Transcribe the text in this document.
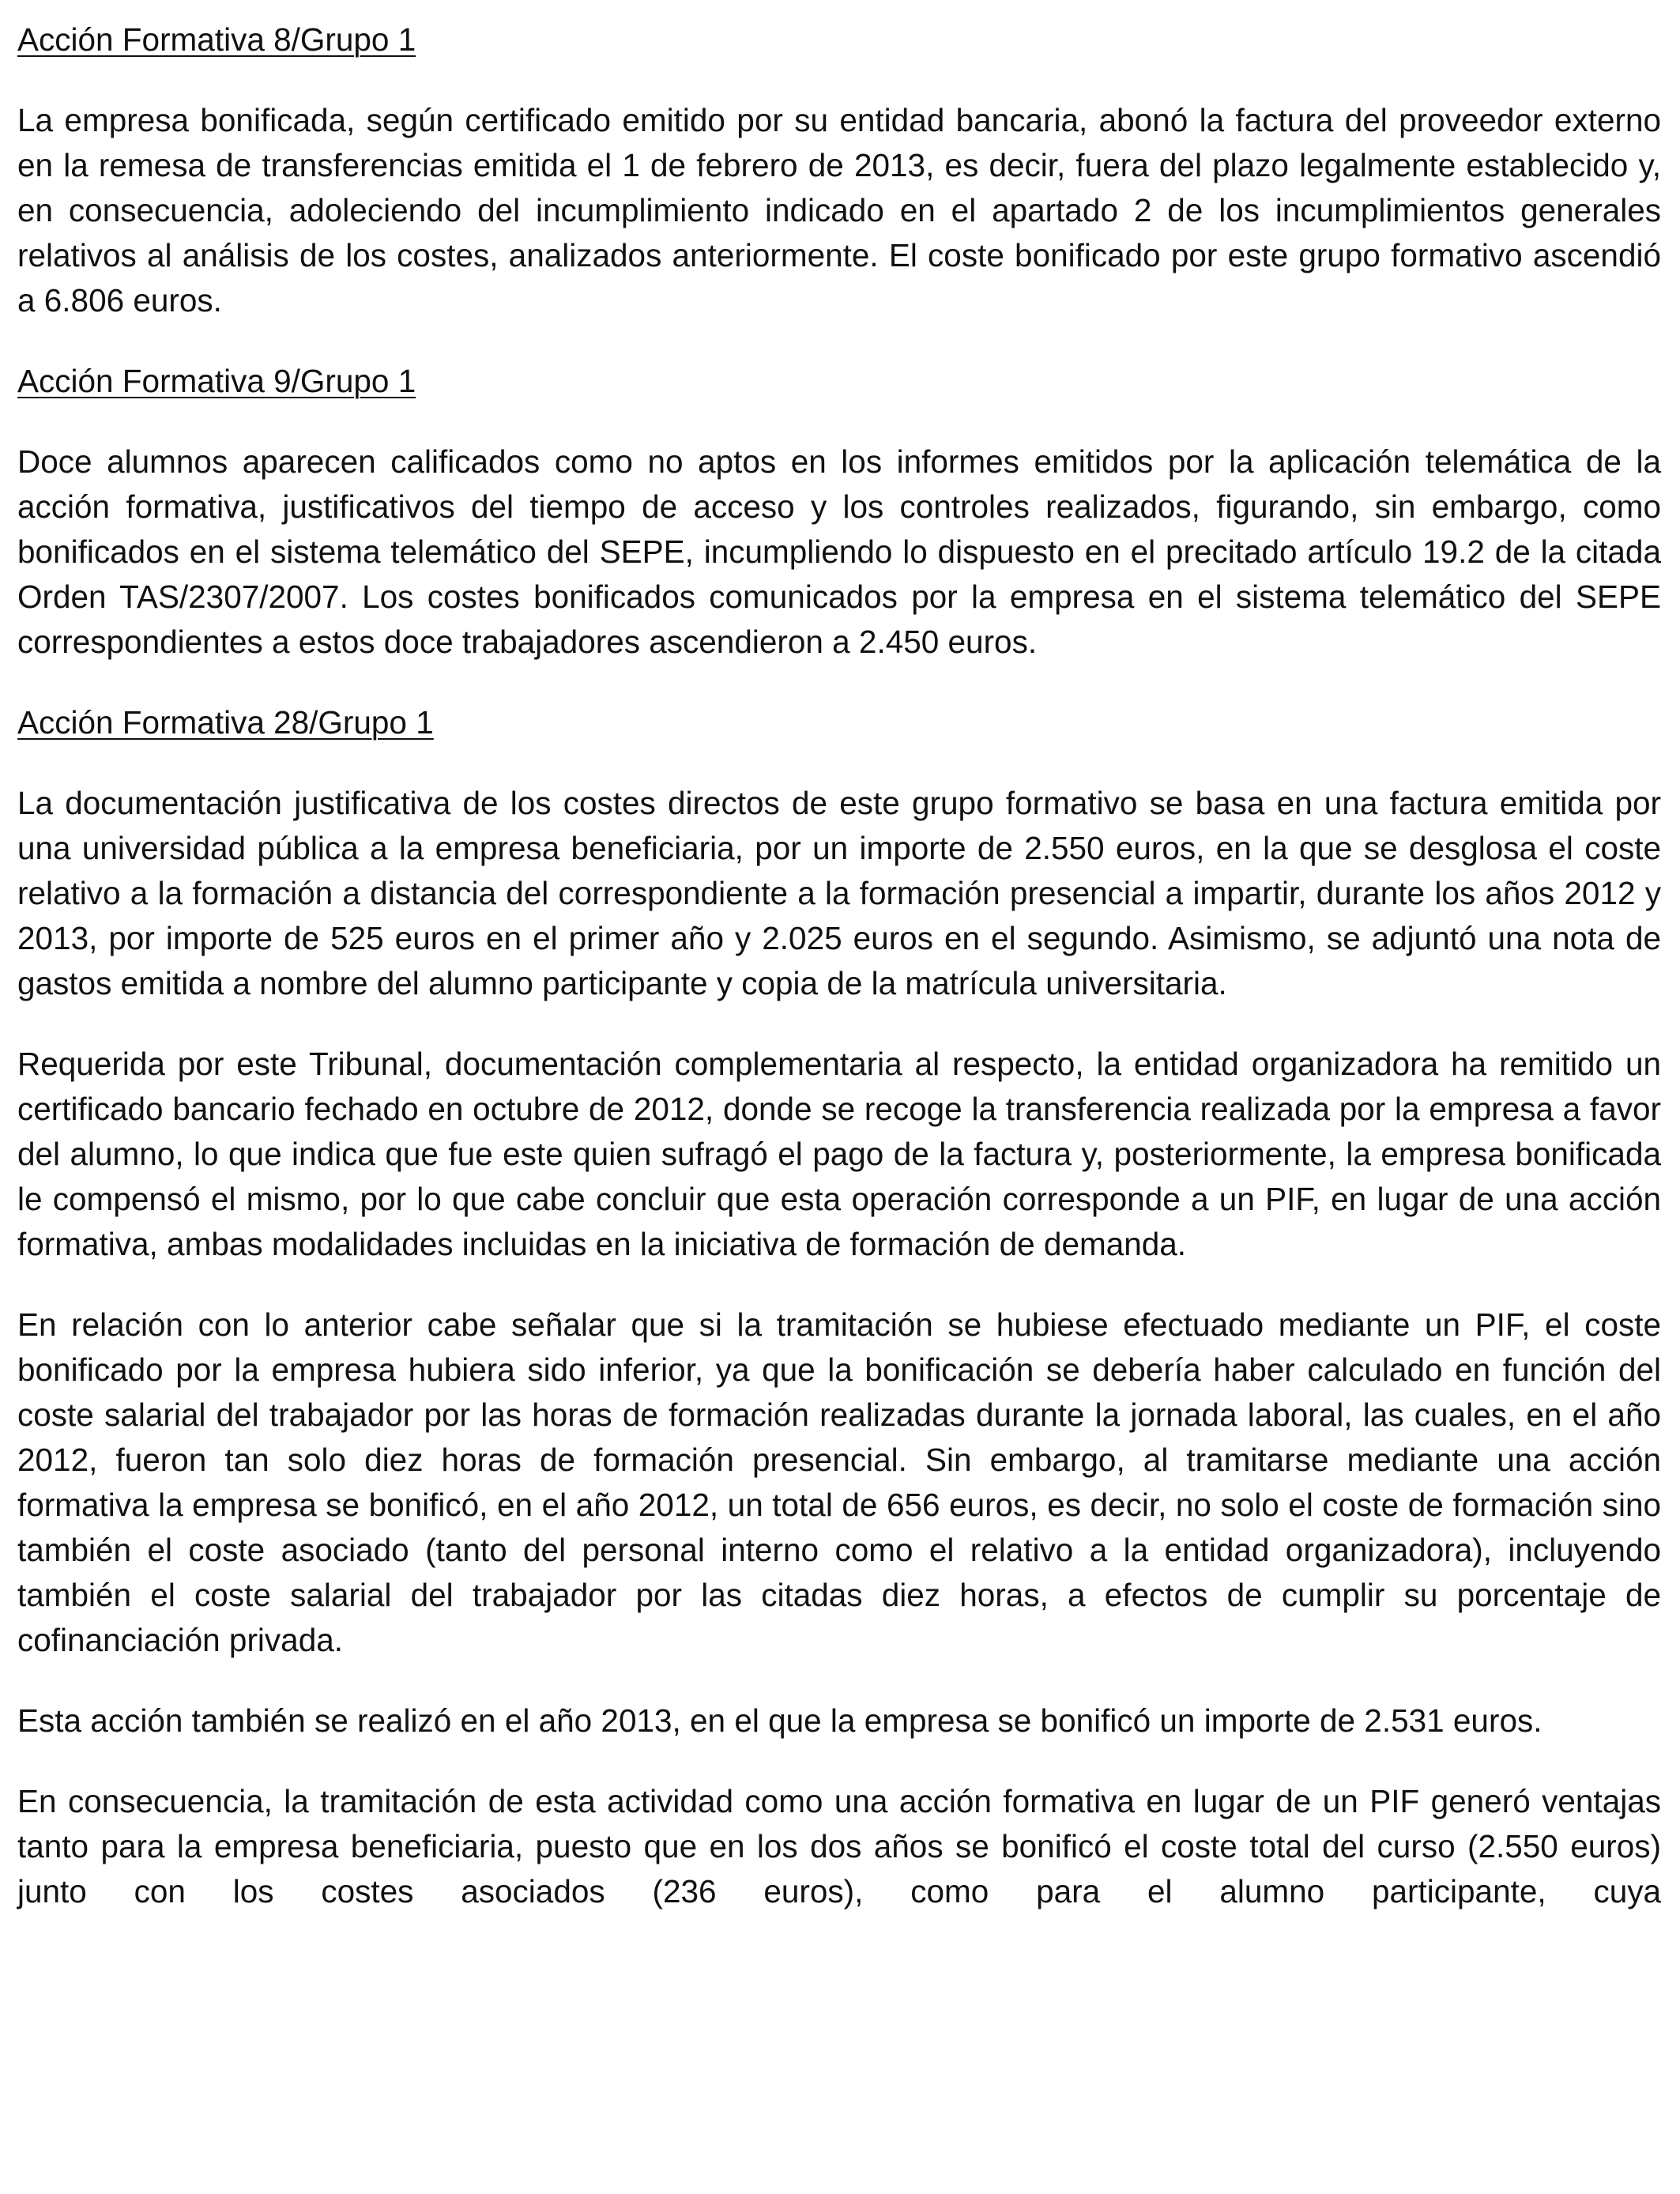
Acción Formativa 8/Grupo 1

La empresa bonificada, según certificado emitido por su entidad bancaria, abonó la factura del proveedor externo en la remesa de transferencias emitida el 1 de febrero de 2013, es decir, fuera del plazo legalmente establecido y, en consecuencia, adoleciendo del incumplimiento indicado en el apartado 2 de los incumplimientos generales relativos al análisis de los costes, analizados anteriormente. El coste bonificado por este grupo formativo ascendió a 6.806 euros.

Acción Formativa 9/Grupo 1

Doce alumnos aparecen calificados como no aptos en los informes emitidos por la aplicación telemática de la acción formativa, justificativos del tiempo de acceso y los controles realizados, figurando, sin embargo, como bonificados en el sistema telemático del SEPE, incumpliendo lo dispuesto en el precitado artículo 19.2 de la citada Orden TAS/2307/2007. Los costes bonificados comunicados por la empresa en el sistema telemático del SEPE correspondientes a estos doce trabajadores ascendieron a 2.450 euros.

Acción Formativa 28/Grupo 1

La documentación justificativa de los costes directos de este grupo formativo se basa en una factura emitida por una universidad pública a la empresa beneficiaria, por un importe de 2.550 euros, en la que se desglosa el coste relativo a la formación a distancia del correspondiente a la formación presencial a impartir, durante los años 2012 y 2013, por importe de 525 euros en el primer año y 2.025 euros en el segundo. Asimismo, se adjuntó una nota de gastos emitida a nombre del alumno participante y copia de la matrícula universitaria.

Requerida por este Tribunal, documentación complementaria al respecto, la entidad organizadora ha remitido un certificado bancario fechado en octubre de 2012, donde se recoge la transferencia realizada por la empresa a favor del alumno, lo que indica que fue este quien sufragó el pago de la factura y, posteriormente, la empresa bonificada le compensó el mismo, por lo que cabe concluir que esta operación corresponde a un PIF, en lugar de una acción formativa, ambas modalidades incluidas en la iniciativa de formación de demanda.

En relación con lo anterior cabe señalar que si la tramitación se hubiese efectuado mediante un PIF, el coste bonificado por la empresa hubiera sido inferior, ya que la bonificación se debería haber calculado en función del coste salarial del trabajador por las horas de formación realizadas durante la jornada laboral, las cuales, en el año 2012, fueron tan solo diez horas de formación presencial. Sin embargo, al tramitarse mediante una acción formativa la empresa se bonificó, en el año 2012, un total de 656 euros, es decir, no solo el coste de formación sino también el coste asociado (tanto del personal interno como el relativo a la entidad organizadora), incluyendo también el coste salarial del trabajador por las citadas diez horas, a efectos de cumplir su porcentaje de cofinanciación privada.

Esta acción también se realizó en el año 2013, en el que la empresa se bonificó un importe de 2.531 euros.

En consecuencia, la tramitación de esta actividad como una acción formativa en lugar de un PIF generó ventajas tanto para la empresa beneficiaria, puesto que en los dos años se bonificó el coste total del curso (2.550 euros) junto con los costes asociados (236 euros), como para el alumno participante, cuya
